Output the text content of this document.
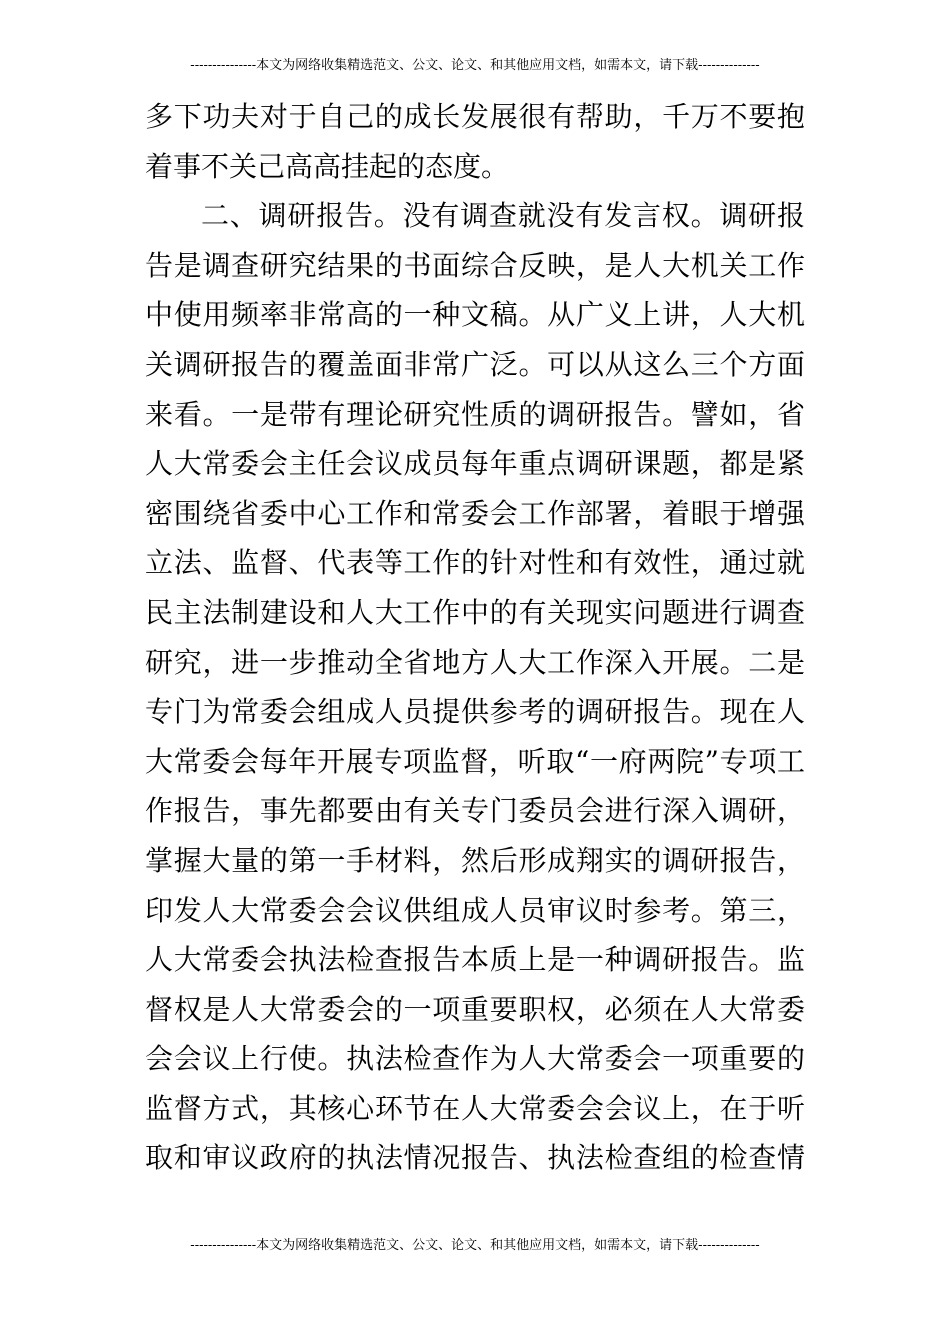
---------------本文为网络收集精选范文、公文、论文、和其他应用文档，如需本文，请下载--------------
多下功夫对于自己的成长发展很有帮助，千万不要抱
着事不关己高高挂起的态度。
二、调研报告。没有调查就没有发言权。调研报
告是调查研究结果的书面综合反映，是人大机关工作
中使用频率非常高的一种文稿。从广义上讲，人大机
关调研报告的覆盖面非常广泛。可以从这么三个方面
来看。一是带有理论研究性质的调研报告。譬如，省
人大常委会主任会议成员每年重点调研课题，都是紧
密围绕省委中心工作和常委会工作部署，着眼于增强
立法、监督、代表等工作的针对性和有效性，通过就
民主法制建设和人大工作中的有关现实问题进行调查
研究，进一步推动全省地方人大工作深入开展。二是
专门为常委会组成人员提供参考的调研报告。现在人
大常委会每年开展专项监督，听取“一府两院”专项工
作报告，事先都要由有关专门委员会进行深入调研，
掌握大量的第一手材料，然后形成翔实的调研报告，
印发人大常委会会议供组成人员审议时参考。第三，
人大常委会执法检查报告本质上是一种调研报告。监
督权是人大常委会的一项重要职权，必须在人大常委
会会议上行使。执法检查作为人大常委会一项重要的
监督方式，其核心环节在人大常委会会议上，在于听
取和审议政府的执法情况报告、执法检查组的检查情
---------------本文为网络收集精选范文、公文、论文、和其他应用文档，如需本文，请下载--------------
